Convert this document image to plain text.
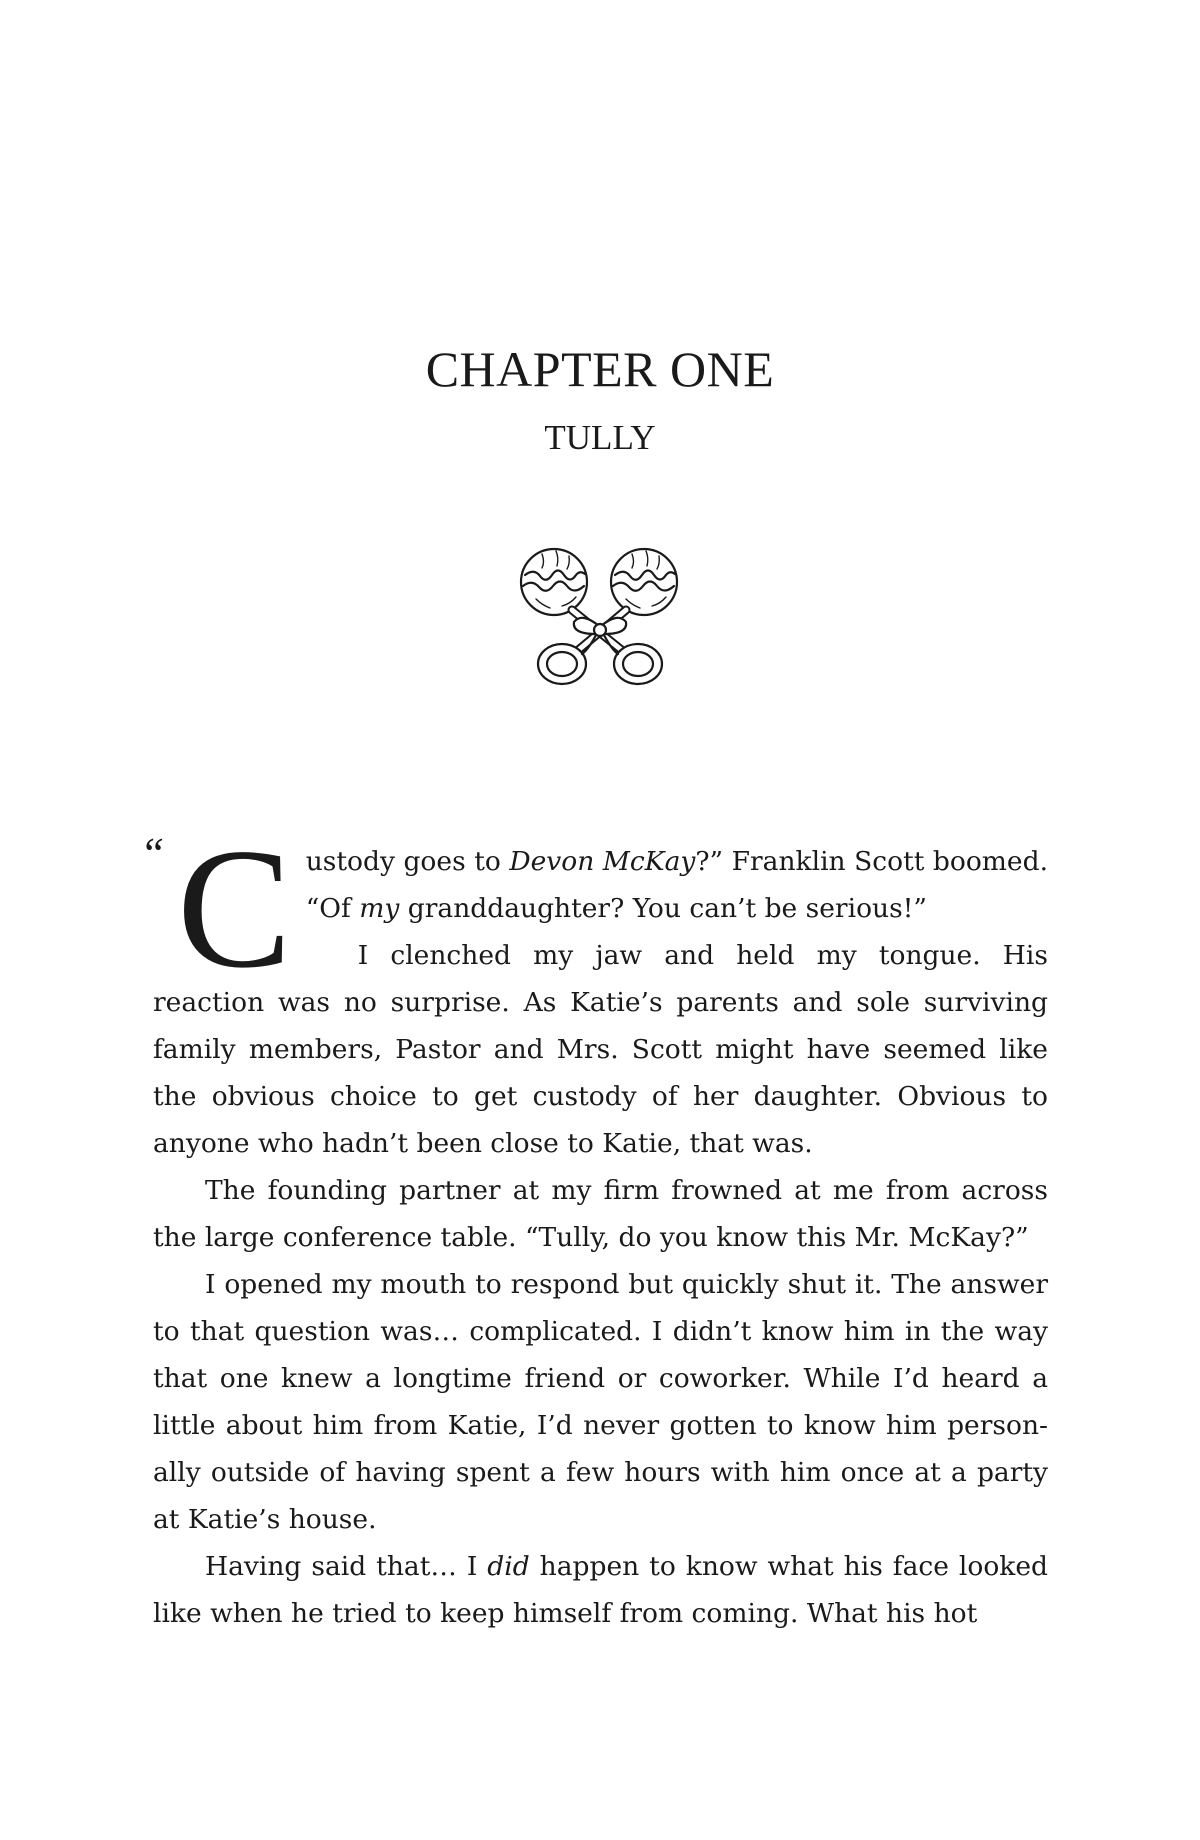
CHAPTER ONE
TULLY

“ C ustody goes to Devon McKay?” Franklin Scott boomed. “Of my granddaughter? You can’t be serious!”

I clenched my jaw and held my tongue. His reaction was no surprise. As Katie’s parents and sole surviving family members, Pastor and Mrs. Scott might have seemed like the obvious choice to get custody of her daughter. Obvious to anyone who hadn’t been close to Katie, that was.

The founding partner at my firm frowned at me from across the large conference table. “Tully, do you know this Mr. McKay?”

I opened my mouth to respond but quickly shut it. The answer to that question was… complicated. I didn’t know him in the way that one knew a longtime friend or coworker. While I’d heard a little about him from Katie, I’d never gotten to know him personally outside of having spent a few hours with him once at a party at Katie’s house.

Having said that… I did happen to know what his face looked like when he tried to keep himself from coming. What his hot
